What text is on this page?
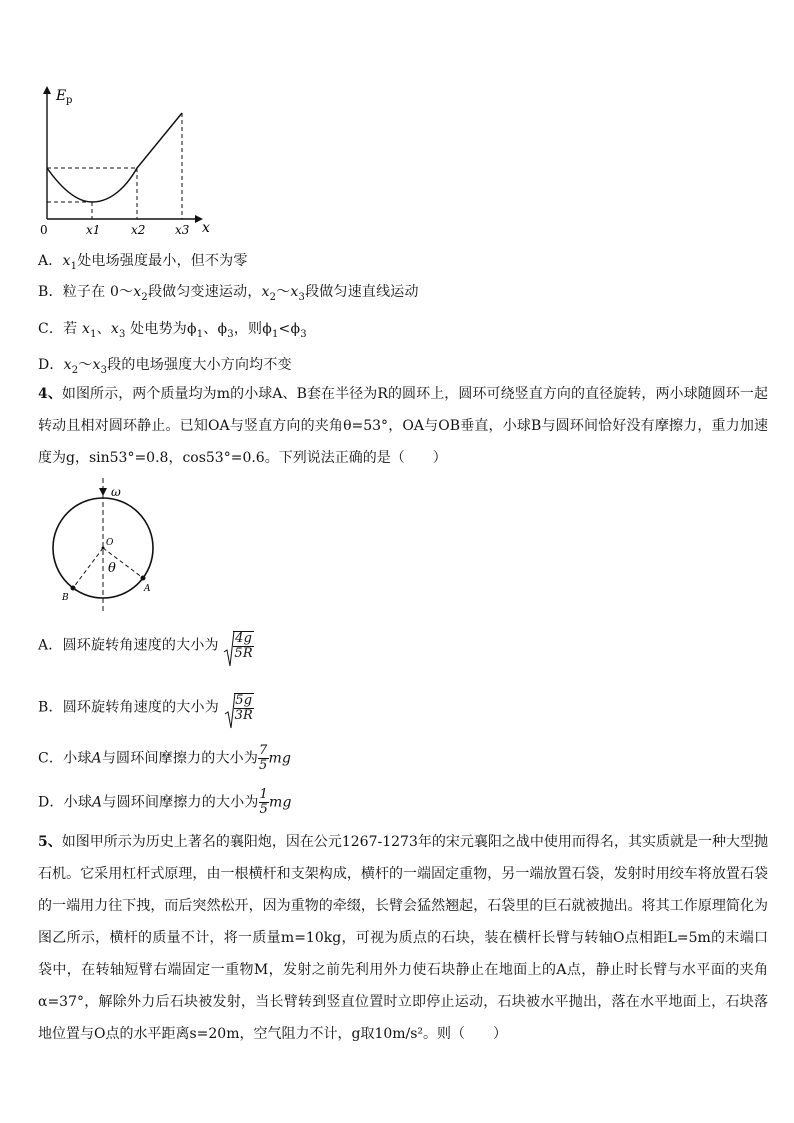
E p
0	x1	x2 x3 x
A．$x_1$处电场强度最小，但不为零
B．粒子在 $0\sim x_2$段做匀变速运动，$x_2\sim x_3$段做匀速直线运动
C．若 $x_1$、$x_3$ 处电势为$\phi_1$、$\phi_3$，则$\phi_1<\phi_3$
D．$x_2\sim x_3$段的电场强度大小方向均不变
4、如图所示，两个质量均为m的小球A、B套在半径为R的圆环上，圆环可绕竖直方向的直径旋转，两小球随圆环一起转动且相对圆环静止。已知OA与竖直方向的夹角θ=53°，OA与OB垂直，小球B与圆环间恰好没有摩擦力，重力加速度为g，sin53°=0.8，cos53°=0.6。下列说法正确的是（　　）
ω
O
θ
A
B
A．圆环旋转角速度的大小为 $\frac{4g}{5R}$
B．圆环旋转角速度的大小为 $\frac{5g}{3R}$
C．小球A与圆环间摩擦力的大小为 $\frac{7}{5}$ mg
D．小球A与圆环间摩擦力的大小为 $\frac{1}{5}$ mg
5、如图甲所示为历史上著名的襄阳炮，因在公元1267-1273年的宋元襄阳之战中使用而得名，其实质就是一种大型抛石机。它采用杠杆式原理，由一根横杆和支架构成，横杆的一端固定重物，另一端放置石袋，发射时用绞车将放置石袋的一端用力往下拽，而后突然松开，因为重物的牵缀，长臂会猛然翘起，石袋里的巨石就被抛出。将其工作原理简化为图乙所示，横杆的质量不计，将一质量m=10kg，可视为质点的石块，装在横杆长臂与转轴O点相距L=5m的末端口袋中，在转轴短臂右端固定一重物M，发射之前先利用外力使石块静止在地面上的A点，静止时长臂与水平面的夹角α=37°，解除外力后石块被发射，当长臂转到竖直位置时立即停止运动，石块被水平抛出，落在水平地面上，石块落地位置与O点的水平距离s=20m，空气阻力不计，g取10m/s²。则（　　）
